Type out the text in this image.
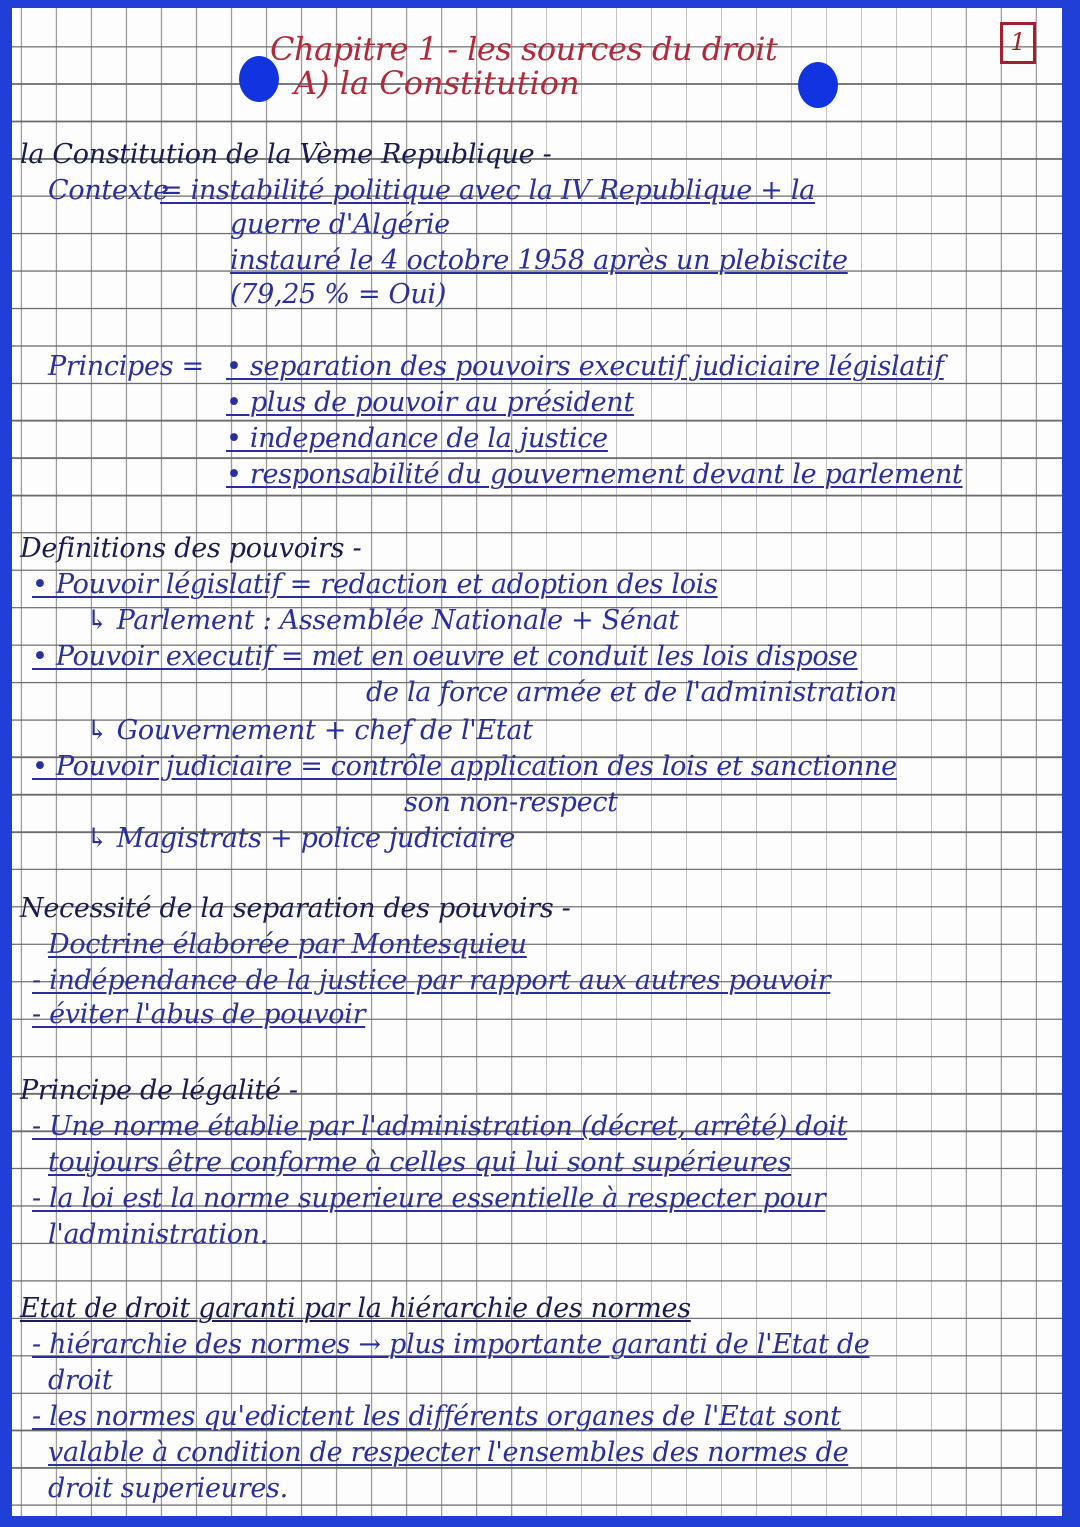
Chapitre 1 - les sources du droit
A) la Constitution
1
la Constitution de la Vème Republique -
Contexte
= instabilité politique avec la IV Republique + la
guerre d'Algérie
instauré le 4 octobre 1958 après un plebiscite
(79,25 % = Oui)
Principes = • separation des pouvoirs executif judiciaire législatif
• plus de pouvoir au président
• independance de la justice
• responsabilité du gouvernement devant le parlement
Definitions des pouvoirs -
• Pouvoir législatif = redaction et adoption des lois
↳ Parlement : Assemblée Nationale + Sénat
• Pouvoir executif = met en oeuvre et conduit les lois dispose
de la force armée et de l'administration
↳ Gouvernement + chef de l'Etat
• Pouvoir judiciaire = contrôle application des lois et sanctionne
son non-respect
↳ Magistrats + police judiciaire
Necessité de la separation des pouvoirs -
Doctrine élaborée par Montesquieu
- indépendance de la justice par rapport aux autres pouvoir
- éviter l'abus de pouvoir
Principe de légalité -
- Une norme établie par l'administration (décret, arrêté) doit
toujours être conforme à celles qui lui sont supérieures
- la loi est la norme superieure essentielle à respecter pour
l'administration.
Etat de droit garanti par la hiérarchie des normes
- hiérarchie des normes → plus importante garanti de l'Etat de
droit
- les normes qu'edictent les différents organes de l'Etat sont
valable à condition de respecter l'ensembles des normes de
droit superieures.
